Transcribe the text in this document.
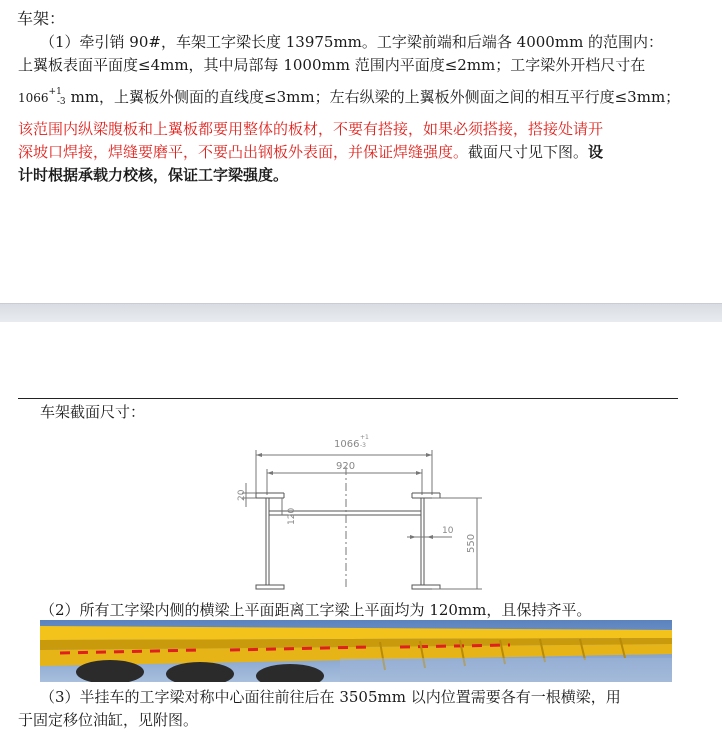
车架：
（1）牵引销 90#，车架工字梁长度 13975mm。工字梁前端和后端各 4000mm 的范围内：
上翼板表面平面度≤4mm，其中局部每 1000mm 范围内平面度≤2mm；工字梁外开档尺寸在
$1066^{+1}-3$ mm，上翼板外侧面的直线度≤3mm；左右纵梁的上翼板外侧面之间的相互平行度≤3mm；
该范围内纵梁腹板和上翼板都要用整体的板材，不要有搭接，如果必须搭接，搭接处请开
深坡口焊接，焊缝要磨平，不要凸出钢板外表面，并保证焊缝强度。截面尺寸见下图。设
计时根据承载力校核，保证工字梁强度。
车架截面尺寸：
1066
+1
-3
920
20
120
10
550
（2）所有工字梁内侧的横梁上平面距离工字梁上平面均为 120mm，且保持齐平。
（3）半挂车的工字梁对称中心面往前往后在 3505mm 以内位置需要各有一根横梁，用
于固定移位油缸，见附图。
